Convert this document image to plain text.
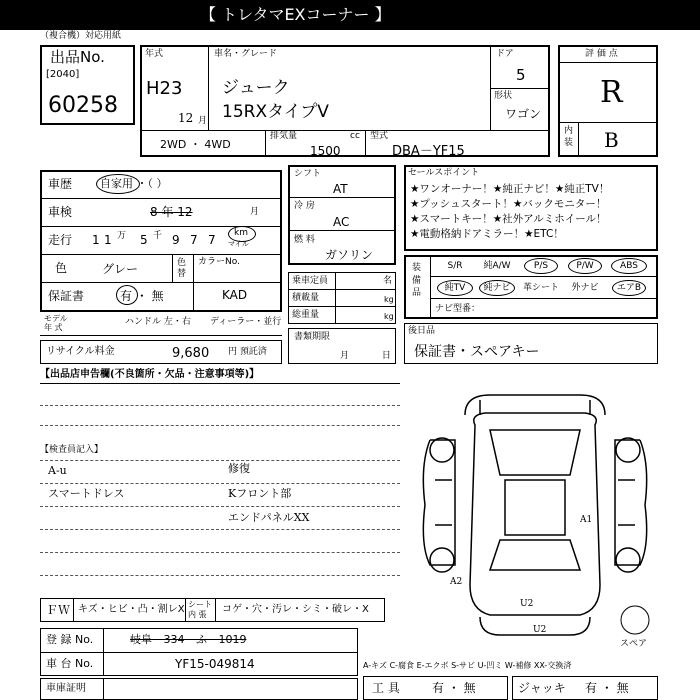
【 トレタマEXコーナー 】
（複合機）対応用紙
出品No.
[2040]
60258
年式
H23
12 月
車名・グレード
ジューク
15RXタイプV
ドア
5
形状
ワゴン
2WD ・ 4WD
排気量	cc
1500
型式
DBA－YF15
評 価 点
R
内
装 B
車歴	自家用 ・（ ）
車検	8 年 12	月
走行 1 1 万 5 千 9 7 7 km
マイル
色	グレー	色
替
カラーNo.
KAD
保証書	有 ・ 無
モデル
年 式
ハンドル 左・右 ディーラー・並行
リサイクル料金	9,680 円 預託済
シフト
AT
冷 房
AC
燃 料
ガソリン
乗車定員	名
積載量	kg
総重量	kg
書類期限
月 日
セールスポイント
★ワンオーナー！★純正ナビ！★純正TV！
★プッシュスタート！★バックモニター！
★スマートキー！★社外アルミホイール！
★電動格納ドアミラー！★ETC！
装
備
品
S/R	純A/W	P/S	P/W	ABS
純TV	純ナビ	革シート	外ナビ	エアB
ナビ型番：
後日品
保証書・スペアキー
【出品店申告欄(不良箇所・欠品・注意事項等)】
【検査員記入】
A-u
スマートドレス
修復
Kフロント部
エンドパネルXX	A1
A2
U2
U2
スペア
ＦＷ キズ・ヒビ・凸・割レX シート
内 張	コゲ・穴・汚レ・シミ・破レ・X
登 録 No.	岐阜 334 ふ 1019
車 台 No.	YF15-049814	A-キズ C-腐食 E-エクボ S-サビ U-凹ミ W-補修 XX-交換済
車庫証明	工 具	有 ・ 無	ジャッキ 有 ・ 無
